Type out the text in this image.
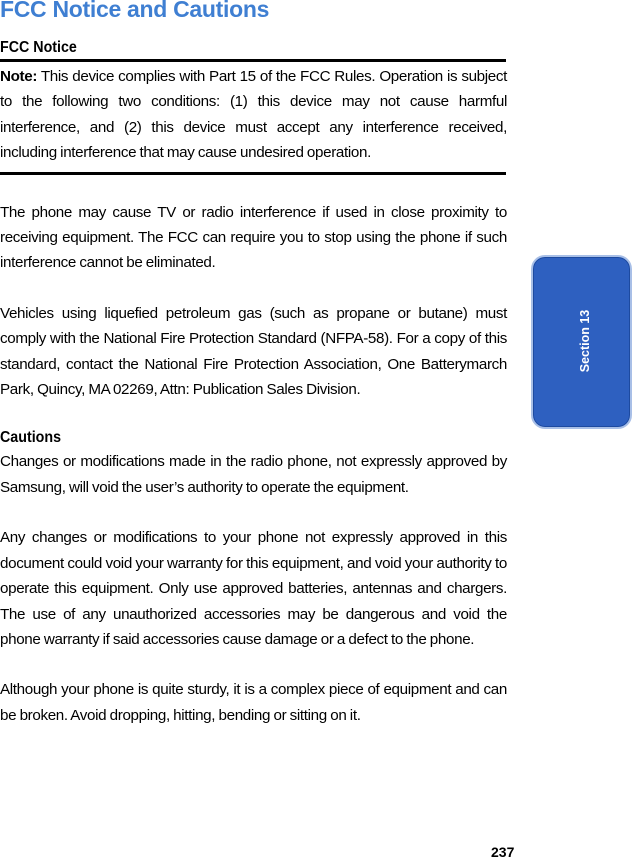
FCC Notice and Cautions
FCC Notice

Note: This device complies with Part 15 of the FCC Rules. Operation is subject to the following two conditions: (1) this device may not cause harmful interference, and (2) this device must accept any interference received, including interference that may cause undesired operation.

The phone may cause TV or radio interference if used in close proximity to receiving equipment. The FCC can require you to stop using the phone if such interference cannot be eliminated.

Vehicles using liquefied petroleum gas (such as propane or butane) must comply with the National Fire Protection Standard (NFPA-58). For a copy of this standard, contact the National Fire Protection Association, One Batterymarch Park, Quincy, MA 02269, Attn: Publication Sales Division.

Cautions

Changes or modifications made in the radio phone, not expressly approved by Samsung, will void the user’s authority to operate the equipment.

Any changes or modifications to your phone not expressly approved in this document could void your warranty for this equipment, and void your authority to operate this equipment. Only use approved batteries, antennas and chargers. The use of any unauthorized accessories may be dangerous and void the phone warranty if said accessories cause damage or a defect to the phone.

Although your phone is quite sturdy, it is a complex piece of equipment and can be broken. Avoid dropping, hitting, bending or sitting on it.

Section 13
237
